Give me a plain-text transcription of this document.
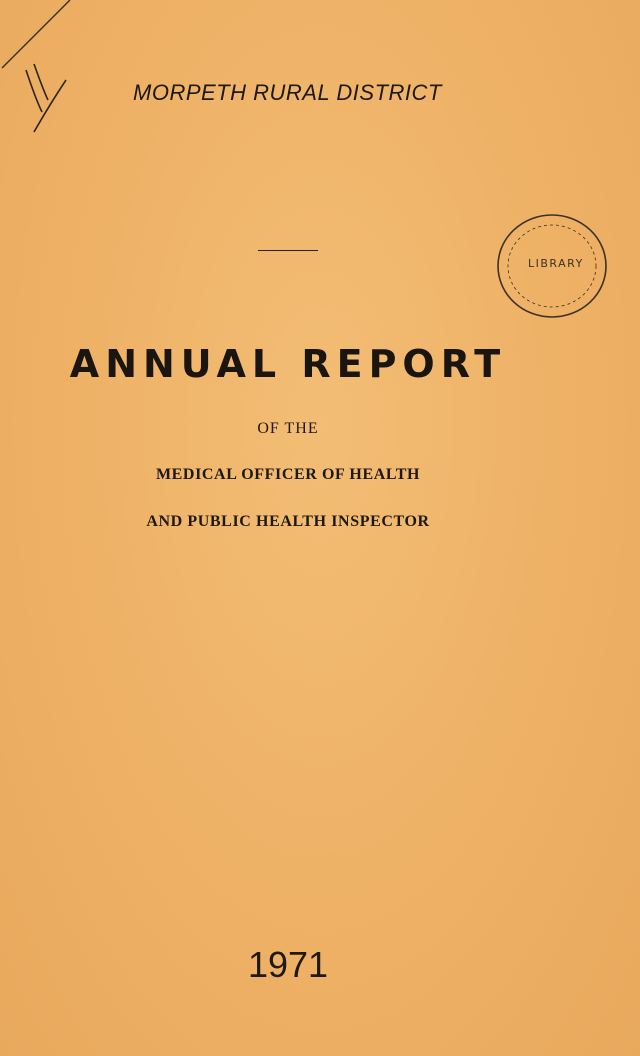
MORPETH RURAL DISTRICT
LIBRARY
ANNUAL REPORT
OF THE
MEDICAL OFFICER OF HEALTH
AND PUBLIC HEALTH INSPECTOR
1971
